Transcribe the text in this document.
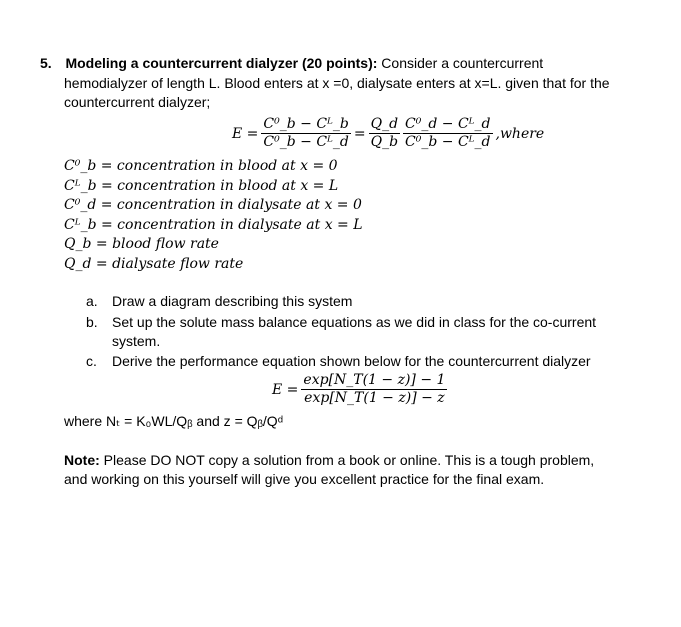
5. Modeling a countercurrent dialyzer (20 points): Consider a countercurrent
hemodialyzer of length L. Blood enters at x =0, dialysate enters at x=L. given that for the
countercurrent dialyzer;
$E = \frac{\text{C⁰\_b − Cᴸ\_b}}{\text{C⁰\_b − Cᴸ\_d}} = \frac{Q\_d}{Q\_b} \frac{\text{C⁰\_d − Cᴸ\_d}}{\text{C⁰\_b − Cᴸ\_d}}$ ,where
C⁰_b = concentration in blood at x = 0
Cᴸ_b = concentration in blood at x = L
C⁰_d = concentration in dialysate at x = 0
Cᴸ_b = concentration in dialysate at x = L
Q_b = blood flow rate
Q_d = dialysate flow rate
a. Draw a diagram describing this system
b. Set up the solute mass balance equations as we did in class for the co-current
system.
c. Derive the performance equation shown below for the countercurrent dialyzer
$E = \frac{\exp[N\_T(1 - z)] - 1}{\exp[N\_T(1 - z)] - z}$
where Nₜ = K₀WL/Qᵦ and z = Qᵦ/Qᵈ
Note: Please DO NOT copy a solution from a book or online. This is a tough problem,
and working on this yourself will give you excellent practice for the final exam.
